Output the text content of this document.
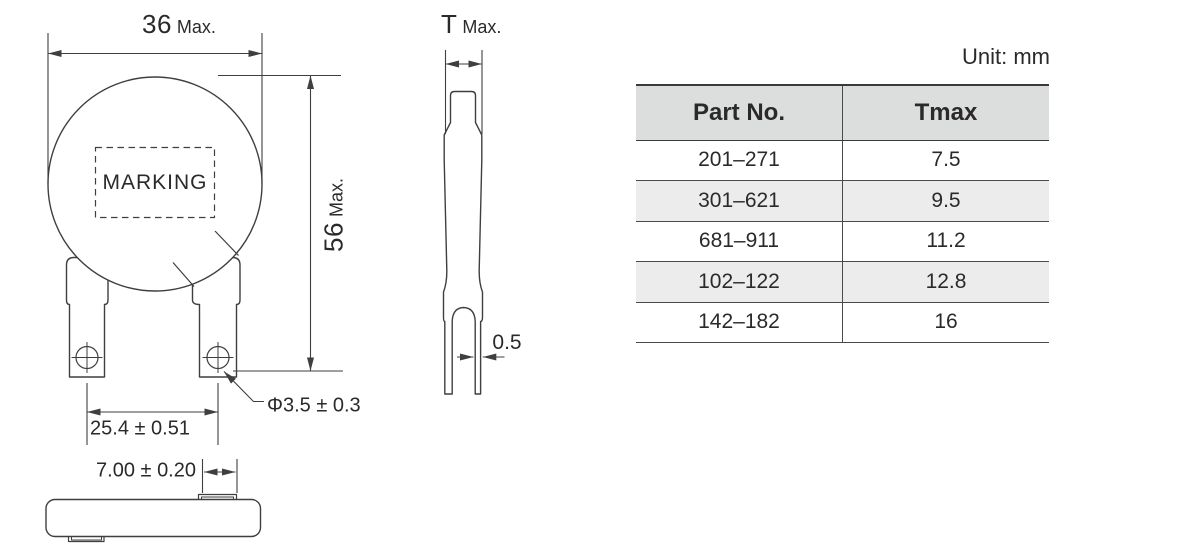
36 Max.	T Max.
56
Max.
MARKING
25.4 ± 0.51
Φ3.5 ± 0.3
0.5
7.00 ± 0.20
Unit: mm
Part No.	Tmax
201–271	7.5
301–621	9.5
681–911	11.2
102–122	12.8
142–182	16
